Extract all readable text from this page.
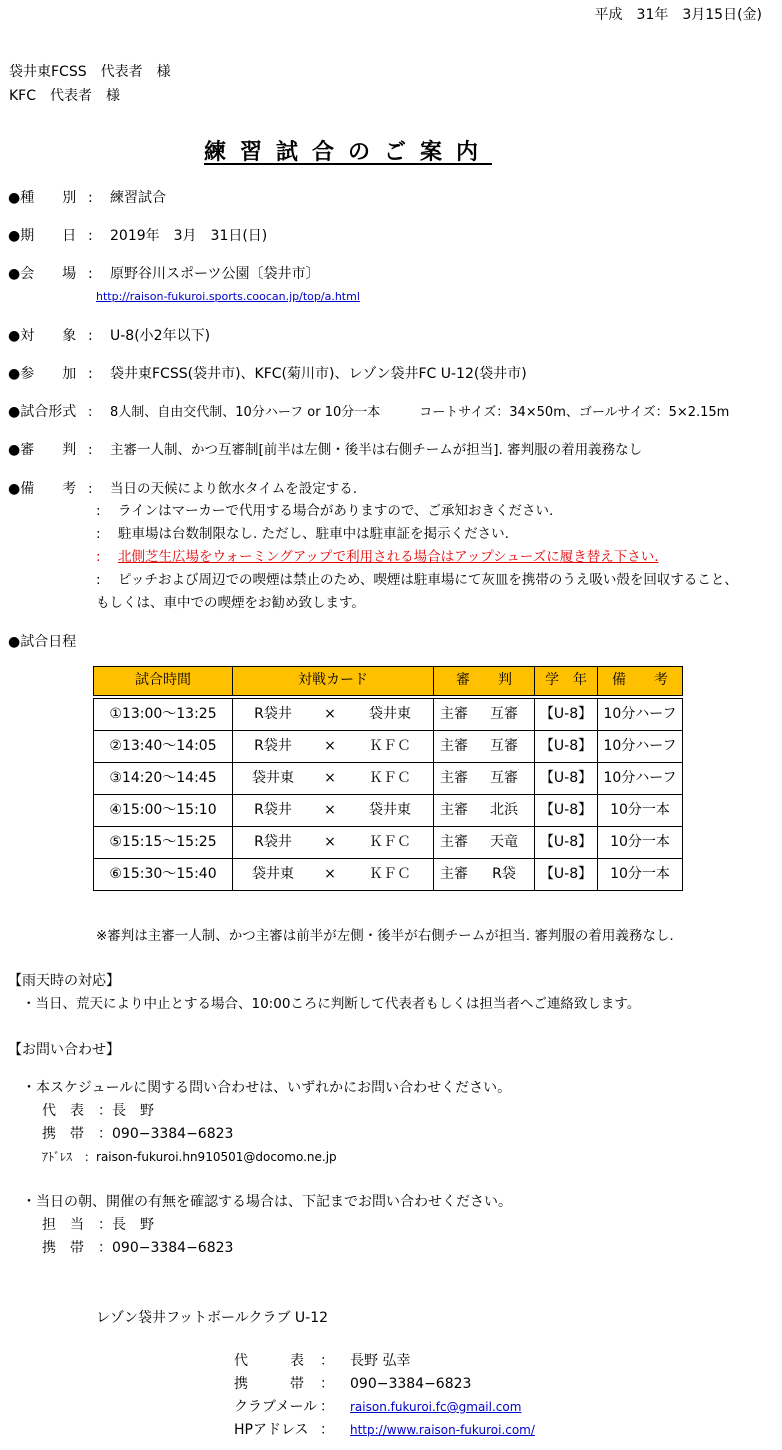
平成　31年　3月15日(金)
袋井東FCSS　代表者　様
KFC　代表者　様
練習試合のご案内
●種　　別 : 練習試合
●期　　日 : 2019年　3月　31日(日)
●会　　場 : 原野谷川スポーツ公園〔袋井市〕
http://raison-fukuroi.sports.coocan.jp/top/a.html
●対　　象 : U-8(小2年以下)
●参　　加 : 袋井東FCSS(袋井市)、KFC(菊川市)、レゾン袋井FC U-12(袋井市)
●試合形式 : 8人制、自由交代制、10分ハーフ or 10分一本　　　コートサイズ：34×50m、ゴールサイズ：5×2.15m
●審　　判 : 主審一人制、かつ互審制[前半は左側・後半は右側チームが担当]. 審判服の着用義務なし
●備　　考 : 当日の天候により飲水タイムを設定する.
: ラインはマーカーで代用する場合がありますので、ご承知おきください.
: 駐車場は台数制限なし. ただし、駐車中は駐車証を掲示ください.
: 北側芝生広場をウォーミングアップで利用される場合はアップシューズに履き替え下さい.
: ピッチおよび周辺での喫煙は禁止のため、喫煙は駐車場にて灰皿を携帯のうえ吸い殻を回収すること、
もしくは、車中での喫煙をお勧め致します。
●試合日程
試合時間	対戦カード	審　　判	学　年	備　　考

①13:00〜13:25	R袋井 × 袋井東	主審 互審	【U-8】	10分ハーフ
②13:40〜14:05	R袋井 × ＫＦＣ	主審 互審	【U-8】	10分ハーフ
③14:20〜14:45	袋井東 × ＫＦＣ	主審 互審	【U-8】	10分ハーフ
④15:00〜15:10	R袋井 × 袋井東	主審 北浜	【U-8】	10分一本
⑤15:15〜15:25	R袋井 × ＫＦＣ	主審 天竜	【U-8】	10分一本
⑥15:30〜15:40	袋井東 × ＫＦＣ	主審 R袋	【U-8】	10分一本
※審判は主審一人制、かつ主審は前半が左側・後半が右側チームが担当. 審判服の着用義務なし.
【雨天時の対応】
・当日、荒天により中止とする場合、10:00ころに判断して代表者もしくは担当者へご連絡致します。
【お問い合わせ】
・本スケジュールに関する問い合わせは、いずれかにお問い合わせください。
代　表　：長　野
携　帯　：090−3384−6823
ｱﾄﾞﾚｽ　：raison-fukuroi.hn910501@docomo.ne.jp
・当日の朝、開催の有無を確認する場合は、下記までお問い合わせください。
担　当　：長　野
携　帯　：090−3384−6823
レゾン袋井フットボールクラブ U-12
代　　　表 ： 長野 弘幸
携　　　帯 ： 090−3384−6823
クラブメール ： raison.fukuroi.fc@gmail.com
HPアドレス ： http://www.raison-fukuroi.com/
